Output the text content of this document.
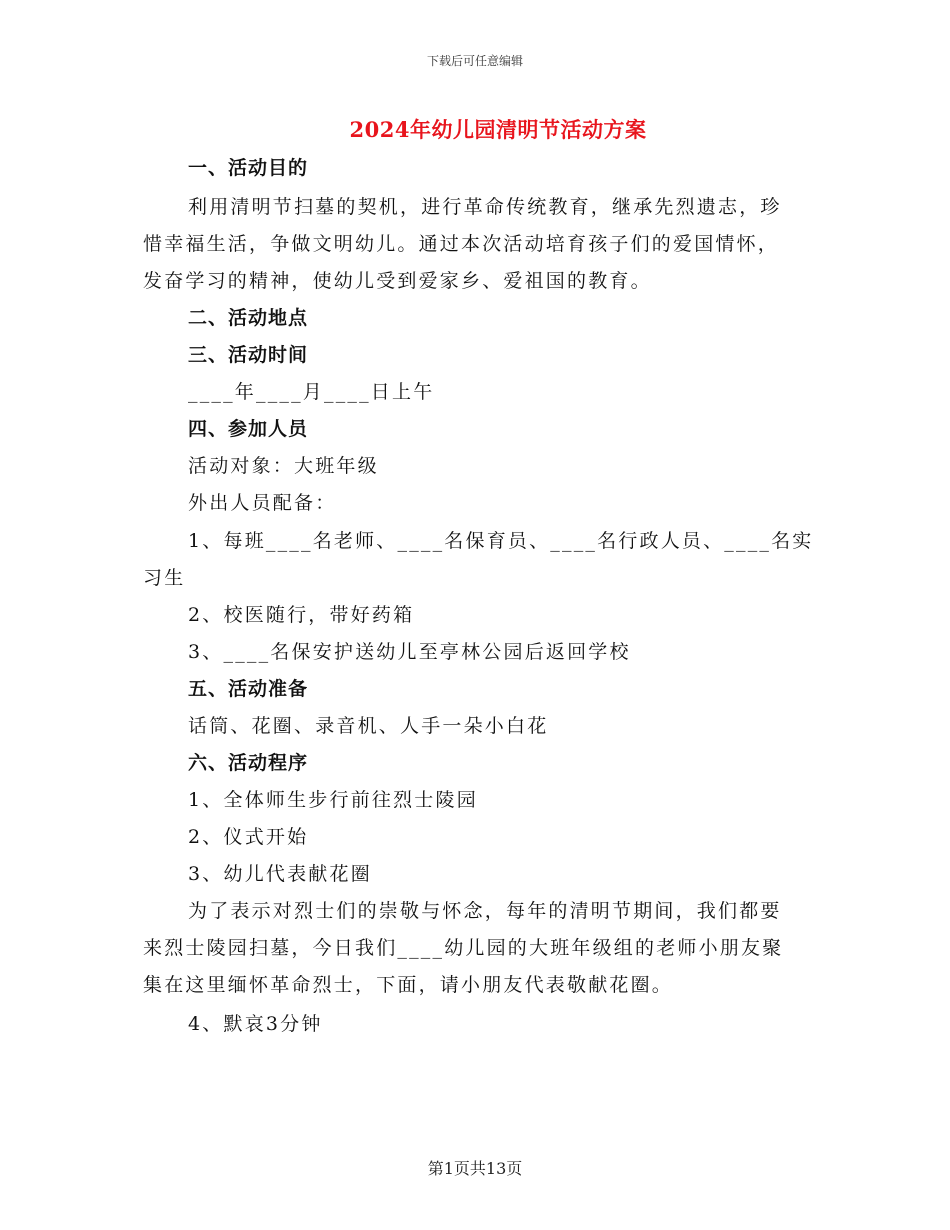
下载后可任意编辑
2024年幼儿园清明节活动方案
一、活动目的
利用清明节扫墓的契机，进行革命传统教育，继承先烈遗志，珍
惜幸福生活，争做文明幼儿。通过本次活动培育孩子们的爱国情怀，
发奋学习的精神，使幼儿受到爱家乡、爱祖国的教育。
二、活动地点
三、活动时间
____年____月____日上午
四、参加人员
活动对象：大班年级
外出人员配备：
1、每班____名老师、____名保育员、____名行政人员、____名实
习生
2、校医随行，带好药箱
3、____名保安护送幼儿至亭林公园后返回学校
五、活动准备
话筒、花圈、录音机、人手一朵小白花
六、活动程序
1、全体师生步行前往烈士陵园
2、仪式开始
3、幼儿代表献花圈
为了表示对烈士们的崇敬与怀念，每年的清明节期间，我们都要
来烈士陵园扫墓，今日我们____幼儿园的大班年级组的老师小朋友聚
集在这里缅怀革命烈士，下面，请小朋友代表敬献花圈。
4、默哀3分钟
第1页共13页
